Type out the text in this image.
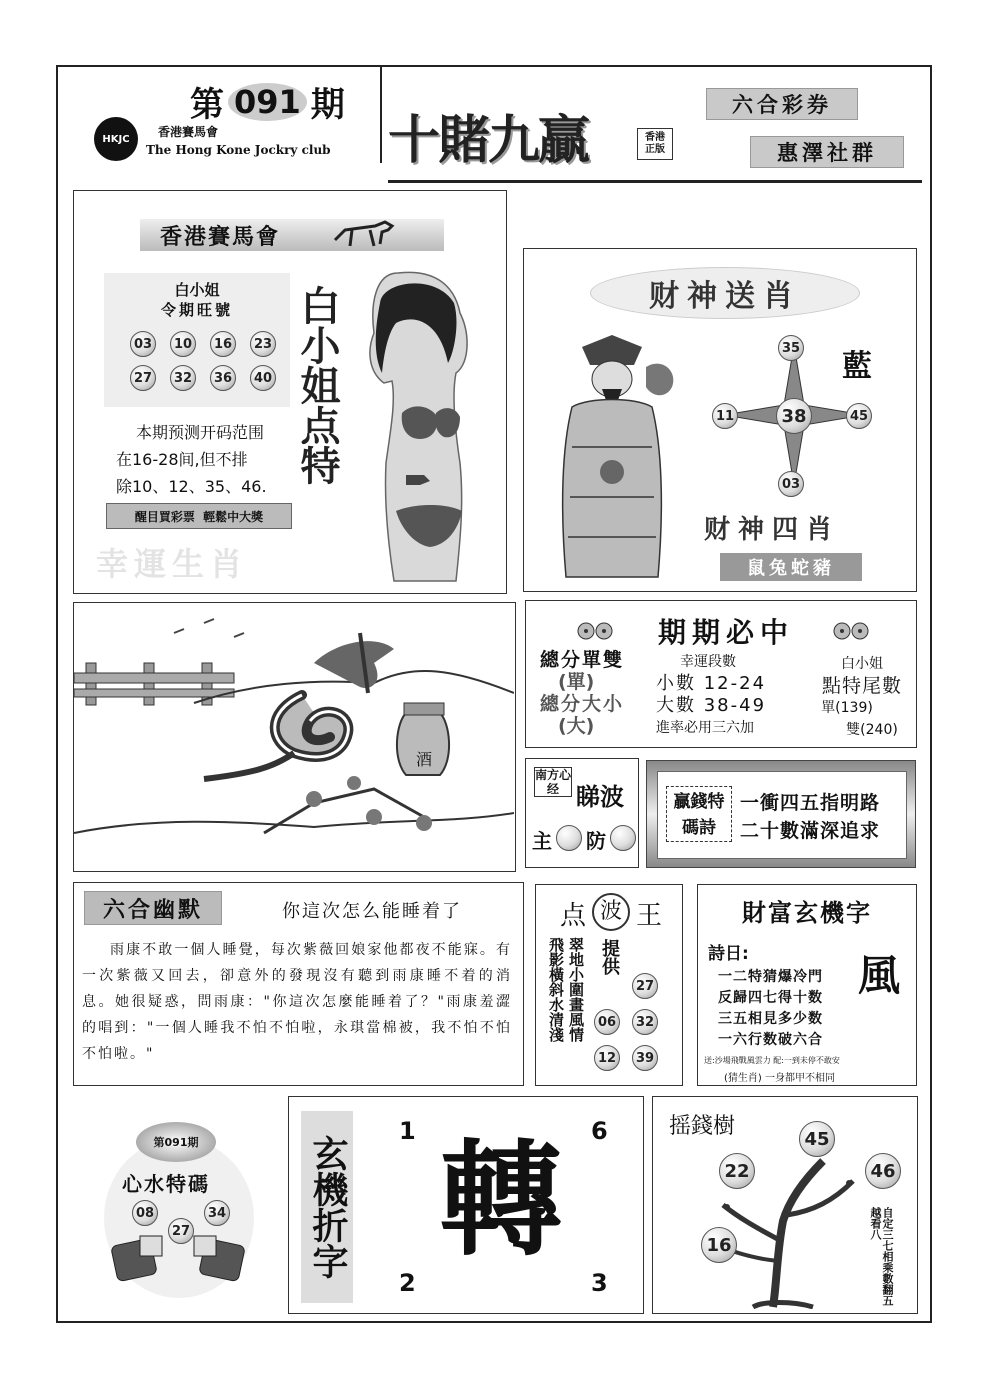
第 091 期
HKJC 香港賽馬會
The Hong Kone Jockry club 十賭九贏	香港正版
六合彩券
惠澤社群
香港賽馬會
白小姐
令期旺號
03	10	16	23
27	32	36	40 白小姐点特
本期预测开码范围
在16-28间,但不排
除10、12、35、46.
醒目買彩票  輕鬆中大獎
幸運生肖
财神送肖
35
11	38	45
03
藍
财神四肖
鼠兔蛇豬
酒
期期必中
總分單雙
(單)
總分大小
(大)
幸運段數
小數 12-24
大數 38-49
進率必用三六加
白小姐
點特尾數
單(139)
雙(240)
南方心经 睇波
主 防
贏錢特碼詩
一衝四五指明路
二十數滿深追求
六合幽默	你這次怎么能睡着了
雨康不敢一個人睡覺，每次紫薇回娘家他都夜不能寐。有一次紫薇又回去，卻意外的發現沒有聽到雨康睡不着的消息。她很疑惑，問雨康："你這次怎麼能睡着了？"雨康羞澀的唱到："一個人睡我不怕不怕啦，永琪當棉被，我不怕不怕不怕啦。"
点 波 王
飛影橫斜水清淺 翠地小圍畫風情 提供
27
06	32
12	39
財富玄機字
詩日:
一二特猜爆冷門
反歸四七得十数
三五相見多少数
一六行数破六合
風
送:沙場飛戰風雲力 配:一到未停不敢安
(猜生肖) 一身都甲不相同
第091期
心水特碼
08
27
34 玄機折字
1	6
2	3
轉
摇錢樹	45
22	46
16	自定三七相乘數翻五越看八
